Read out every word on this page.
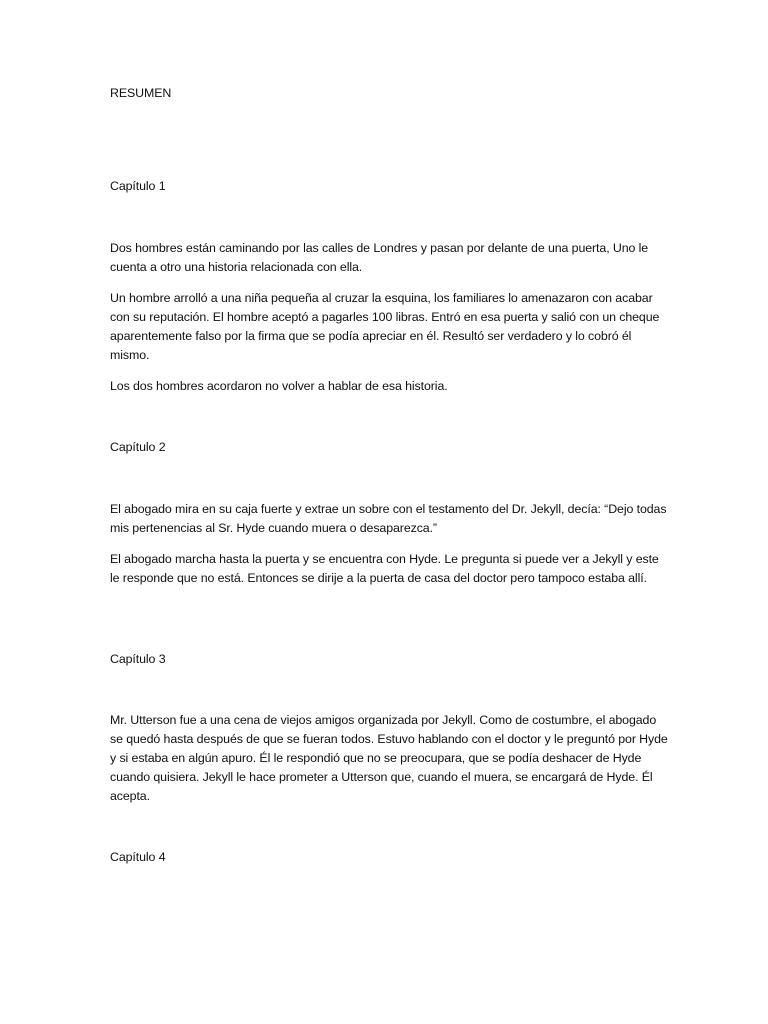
RESUMEN

Capítulo 1

Dos hombres están caminando por las calles de Londres y pasan por delante de una puerta, Uno le cuenta a otro una historia relacionada con ella.

Un hombre arrolló a una niña pequeña al cruzar la esquina, los familiares lo amenazaron con acabar con su reputación. El hombre aceptó a pagarles 100 libras. Entró en esa puerta y salió con un cheque aparentemente falso por la firma que se podía apreciar en él. Resultó ser verdadero y lo cobró él mismo.

Los dos hombres acordaron no volver a hablar de esa historia.

Capítulo 2

El abogado mira en su caja fuerte y extrae un sobre con el testamento del Dr. Jekyll, decía: “Dejo todas mis pertenencias al Sr. Hyde cuando muera o desaparezca.”

El abogado marcha hasta la puerta y se encuentra con Hyde. Le pregunta si puede ver a Jekyll y este le responde que no está. Entonces se dirije a la puerta de casa del doctor pero tampoco estaba allí.

Capítulo 3

Mr. Utterson fue a una cena de viejos amigos organizada por Jekyll. Como de costumbre, el abogado se quedó hasta después de que se fueran todos. Estuvo hablando con el doctor y le preguntó por Hyde y si estaba en algún apuro. Él le respondió que no se preocupara, que se podía deshacer de Hyde cuando quisiera. Jekyll le hace prometer a Utterson que, cuando el muera, se encargará de Hyde. Él acepta.

Capítulo 4
